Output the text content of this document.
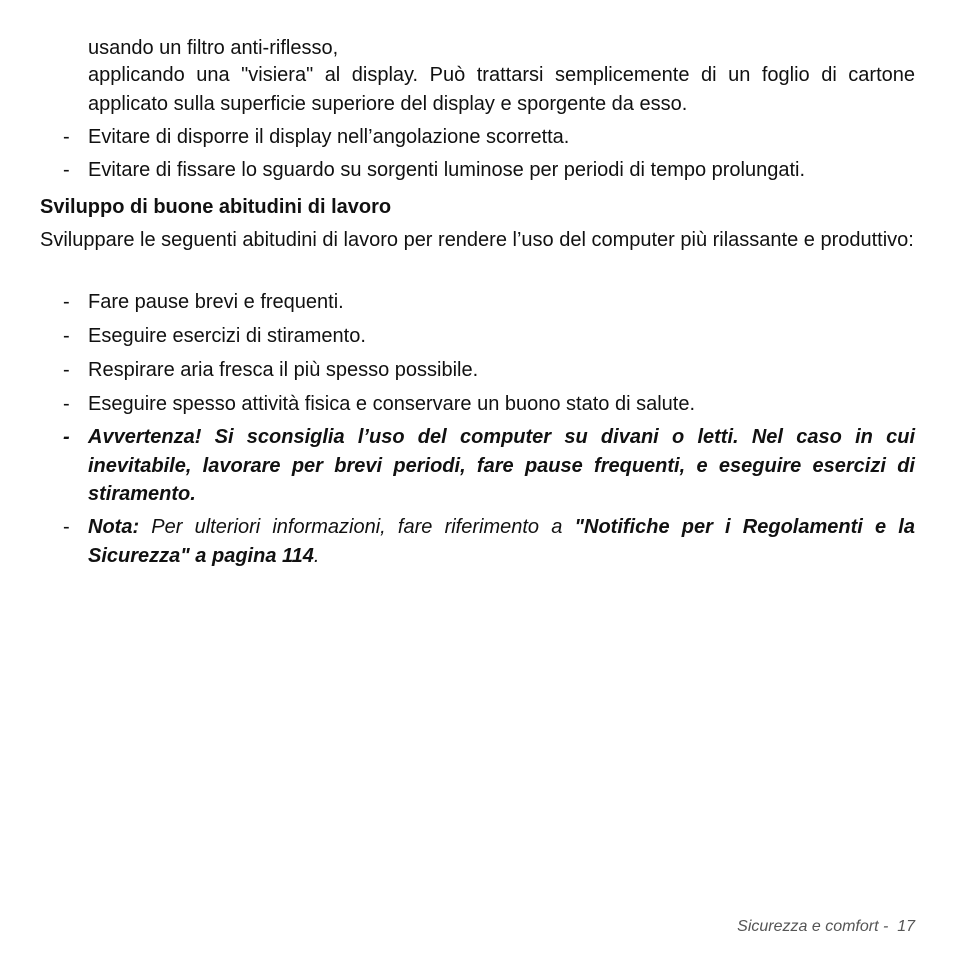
usando un filtro anti-riflesso,
applicando una "visiera" al display. Può trattarsi semplicemente di un foglio di cartone applicato sulla superficie superiore del display e sporgente da esso.
- Evitare di disporre il display nell’angolazione scorretta.
- Evitare di fissare lo sguardo su sorgenti luminose per periodi di tempo prolungati.
Sviluppo di buone abitudini di lavoro
Sviluppare le seguenti abitudini di lavoro per rendere l’uso del computer più rilassante e produttivo:
- Fare pause brevi e frequenti.
- Eseguire esercizi di stiramento.
- Respirare aria fresca il più spesso possibile.
- Eseguire spesso attività fisica e conservare un buono stato di salute.
- Avvertenza! Si sconsiglia l’uso del computer su divani o letti. Nel caso in cui inevitabile, lavorare per brevi periodi, fare pause frequenti, e eseguire esercizi di stiramento.
- Nota: Per ulteriori informazioni, fare riferimento a "Notifiche per i Regolamenti e la Sicurezza" a pagina 114.
Sicurezza e comfort -  17
